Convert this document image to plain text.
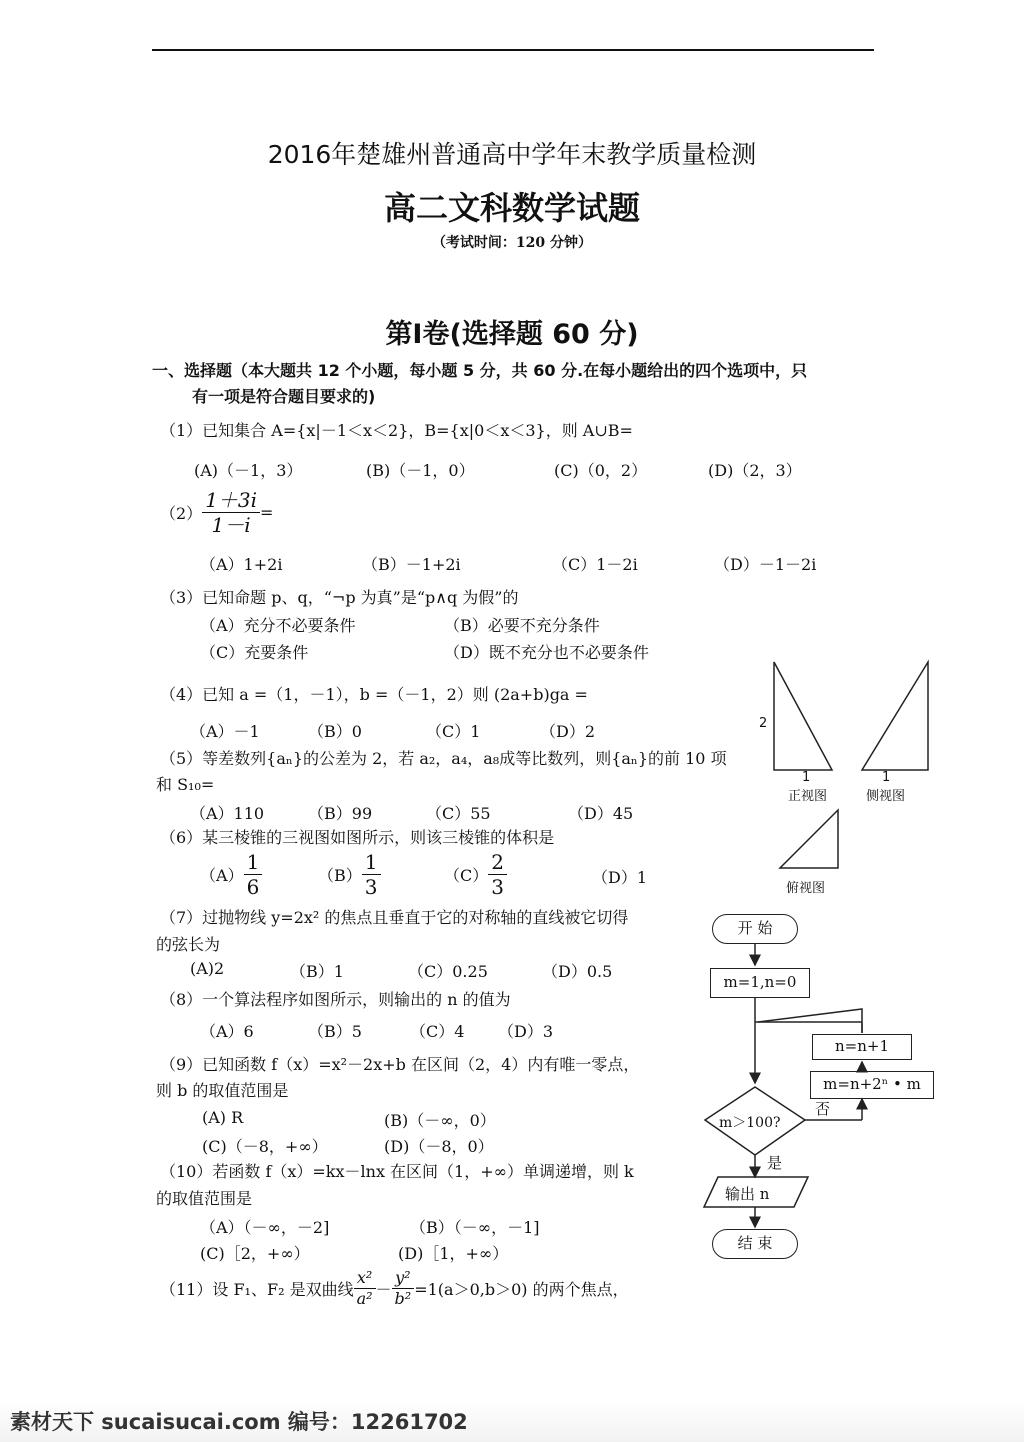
2016年楚雄州普通高中学年末教学质量检测
高二文科数学试题
（考试时间：120 分钟）
第Ⅰ卷(选择题 60 分)
一、选择题（本大题共 12 个小题，每小题 5 分，共 60 分.在每小题给出的四个选项中，只
有一项是符合题目要求的)
（1）已知集合 A={x|－1＜x＜2}，B={x|0＜x＜3}，则 A∪B=
(A)（－1，3）	(B)（－1，0）	(C)（0，2）	(D)（2，3）
$(2) \frac{1+3i}{1-i}$ =
（A）1+2i	（B）－1+2i	（C）1－2i	（D）－1－2i
（3）已知命题 p、q，“¬p 为真”是“p∧q 为假”的
（A）充分不必要条件	（B）必要不充分条件
（C）充要条件	（D）既不充分也不必要条件
（4）已知 a =（1，－1），b =（－1，2）则 (2a+b)ga =
（A）－1	（B）0	（C）1	（D）2
（5）等差数列{aₙ}的公差为 2，若 a₂，a₄，a₈成等比数列，则{aₙ}的前 10 项
和 S₁₀=
（A）110	（B）99	（C）55	（D）45
（6）某三棱锥的三视图如图所示，则该三棱锥的体积是
$(A) \frac{1}{6}$	$(B) \frac{1}{3}$	$(C) \frac{2}{3}$	（D）1
（7）过抛物线 y=2x² 的焦点且垂直于它的对称轴的直线被它切得
的弦长为
(A)2	（B）1	（C）0.25	（D）0.5
（8）一个算法程序如图所示，则输出的 n 的值为
（A）6	（B）5	（C）4 （D）3
（9）已知函数 f（x）=x²－2x+b 在区间（2，4）内有唯一零点，
则 b 的取值范围是
(A) R	(B)（－∞，0）
(C)（－8，+∞）	(D)（－8，0）
（10）若函数 f（x）=kx－lnx 在区间（1，+∞）单调递增，则 k
的取值范围是
（A）（－∞，－2]	（B）（－∞，－1]
(C)［2，+∞）	(D)［1，+∞）
（11）设 F₁、F₂ 是双曲线 $\frac{\text{x²}}{\text{a²}} - \frac{\text{y²}}{\text{b²}} =1(a>0,b>0)$ 的两个焦点，
2
1	1
正视图	侧视图
俯视图
开 始
m=1,n=0
n=n+1
m=n+2ⁿ • m
m＞100?
否
是
输出 n
结 束
素材天下 sucaisucai.com 编号：12261702
